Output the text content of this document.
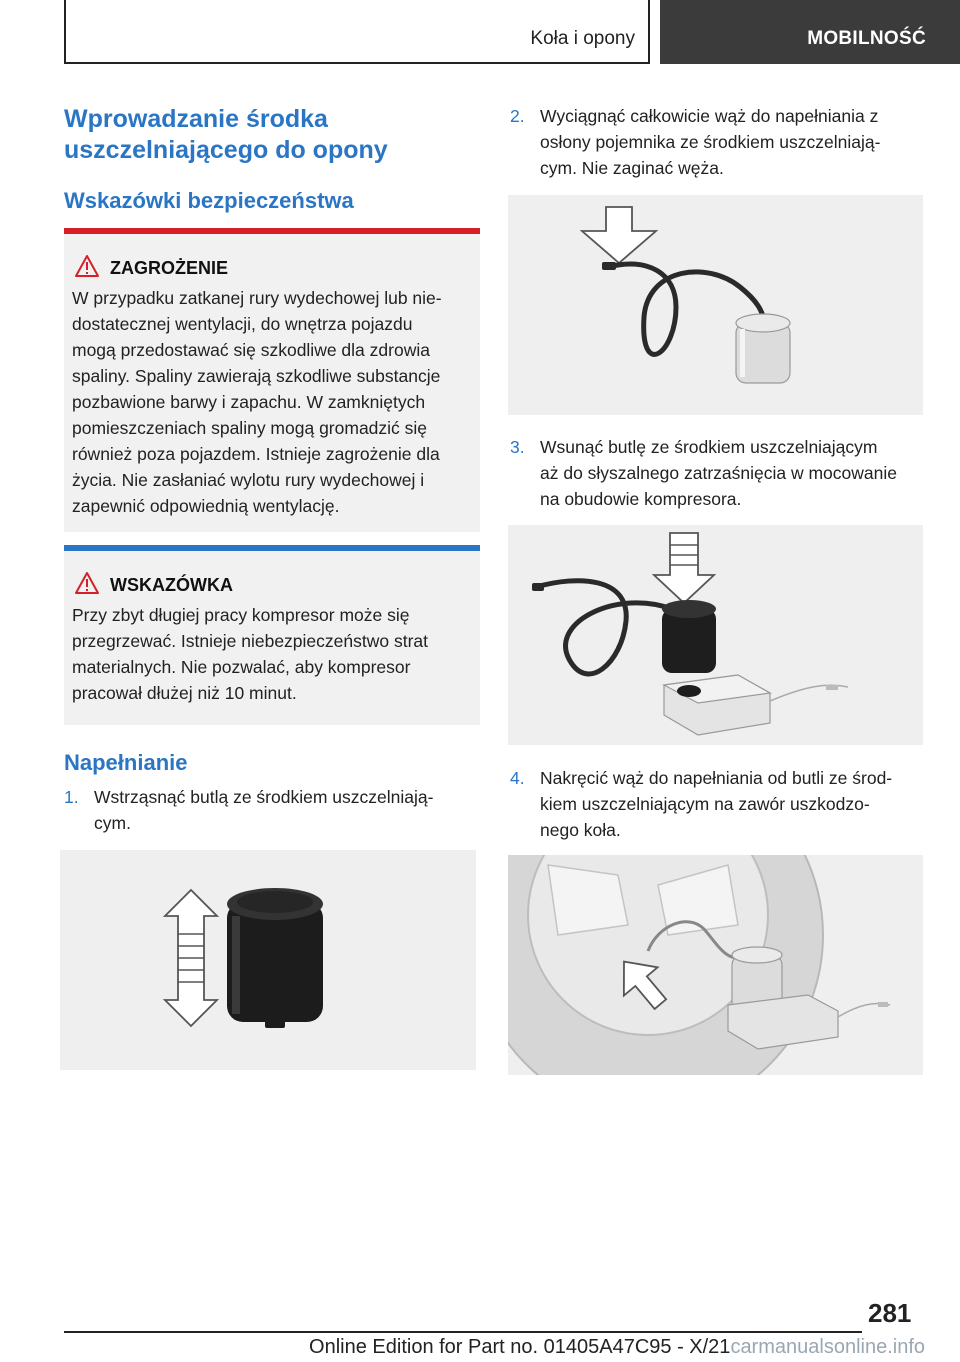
Koła i opony	MOBILNOŚĆ
Wprowadzanie środka
uszczelniającego do opony
Wskazówki bezpieczeństwa
ZAGROŻENIE
W przypadku zatkanej rury wydechowej lub nie-
dostatecznej wentylacji, do wnętrza pojazdu
mogą przedostawać się szkodliwe dla zdrowia
spaliny. Spaliny zawierają szkodliwe substancje
pozbawione barwy i zapachu. W zamkniętych
pomieszczeniach spaliny mogą gromadzić się
również poza pojazdem. Istnieje zagrożenie dla
życia. Nie zasłaniać wylotu rury wydechowej i
zapewnić odpowiednią wentylację.
WSKAZÓWKA
Przy zbyt długiej pracy kompresor może się
przegrzewać. Istnieje niebezpieczeństwo strat
materialnych. Nie pozwalać, aby kompresor
pracował dłużej niż 10 minut.
Napełnianie
1. Wstrząsnąć butlą ze środkiem uszczelniają-
cym.
2. Wyciągnąć całkowicie wąż do napełniania z
osłony pojemnika ze środkiem uszczelniają-
cym. Nie zaginać węża.
3. Wsunąć butlę ze środkiem uszczelniającym
aż do słyszalnego zatrzaśnięcia w mocowanie
na obudowie kompresora.
4. Nakręcić wąż do napełniania od butli ze środ-
kiem uszczelniającym na zawór uszkodzo-
nego koła.
281
Online Edition for Part no. 01405A47C95 - X/21carmanualsonline.info
